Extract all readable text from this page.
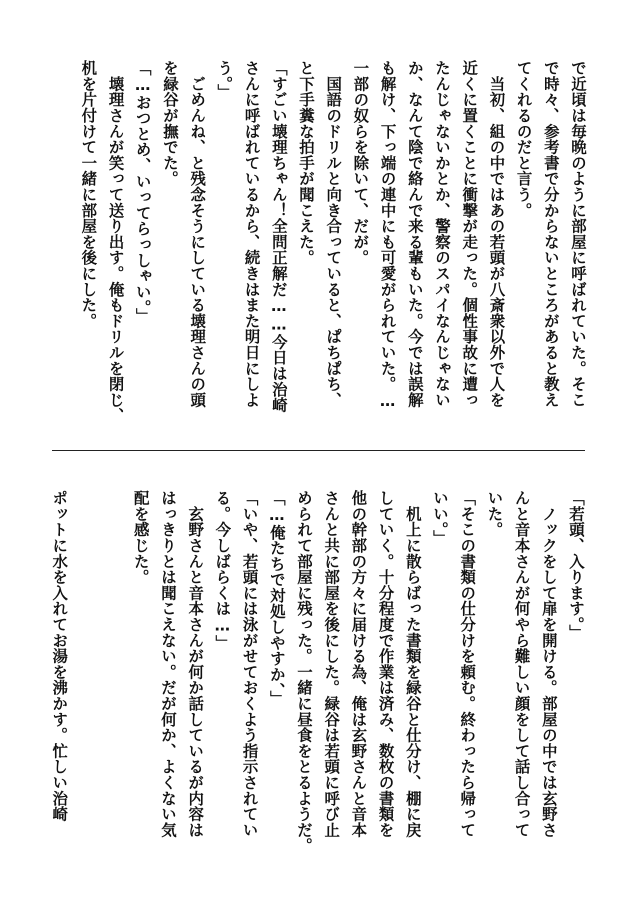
で近頃は毎晩のように部屋に呼ばれていた。そこ
で時々、参考書で分からないところがあると教え
てくれるのだと言う。
　当初、組の中ではあの若頭が八斎衆以外で人を
近くに置くことに衝撃が走った。個性事故に遭っ
たんじゃないかとか、警察のスパイなんじゃない
か、なんて陰で絡んで来る輩もいた。今では誤解
も解け、下っ端の連中にも可愛がられていた。…
一部の奴らを除いて、だが。
　国語のドリルと向き合っていると、ぱちぱち、
と下手糞な拍手が聞こえた。
「すごい壊理ちゃん！全問正解だ……今日は治崎
さんに呼ばれているから、続きはまた明日にしよ
う。」
　ごめんね、と残念そうにしている壊理さんの頭
を緑谷が撫でた。
「…おつとめ、いってらっしゃい。」
　壊理さんが笑って送り出す。俺もドリルを閉じ、
机を片付けて一緒に部屋を後にした。
「若頭、入ります。」
　ノックをして扉を開ける。部屋の中では玄野さ
んと音本さんが何やら難しい顔をして話し合って
いた。
「そこの書類の仕分けを頼む。終わったら帰って
いい。」
　机上に散らばった書類を緑谷と仕分け、棚に戻
していく。十分程度で作業は済み、数枚の書類を
他の幹部の方々に届ける為、俺は玄野さんと音本
さんと共に部屋を後にした。緑谷は若頭に呼び止
められて部屋に残った。一緒に昼食をとるようだ。
「…俺たちで対処しやすか、」
「いや、若頭には泳がせておくよう指示されてい
る。今しばらくは…」
　玄野さんと音本さんが何か話しているが内容は
はっきりとは聞こえない。だが何か、よくない気
配を感じた。

ポットに水を入れてお湯を沸かす。忙しい治崎
